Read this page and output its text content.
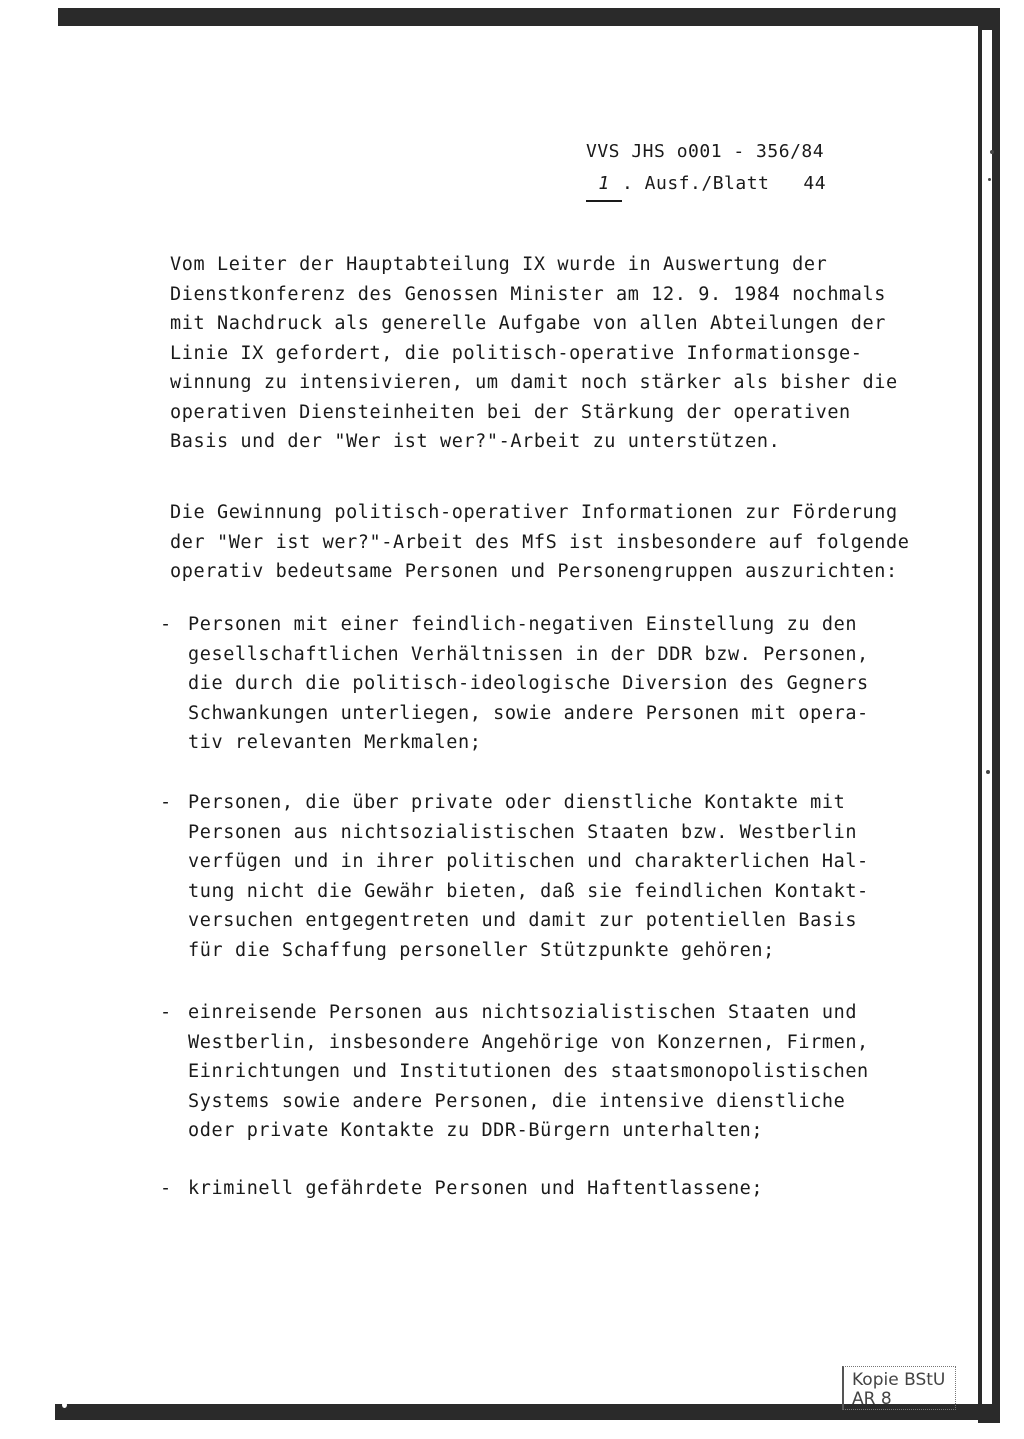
VVS JHS o001 - 356/84
1 . Ausf./Blatt   44
Vom Leiter der Hauptabteilung IX wurde in Auswertung der
Dienstkonferenz des Genossen Minister am 12. 9. 1984 nochmals
mit Nachdruck als generelle Aufgabe von allen Abteilungen der
Linie IX gefordert, die politisch-operative Informationsge-
winnung zu intensivieren, um damit noch stärker als bisher die
operativen Diensteinheiten bei der Stärkung der operativen
Basis und der "Wer ist wer?"-Arbeit zu unterstützen.
Die Gewinnung politisch-operativer Informationen zur Förderung
der "Wer ist wer?"-Arbeit des MfS ist insbesondere auf folgende
operativ bedeutsame Personen und Personengruppen auszurichten:
- Personen mit einer feindlich-negativen Einstellung zu den
gesellschaftlichen Verhältnissen in der DDR bzw. Personen,
die durch die politisch-ideologische Diversion des Gegners
Schwankungen unterliegen, sowie andere Personen mit opera-
tiv relevanten Merkmalen;
- Personen, die über private oder dienstliche Kontakte mit
Personen aus nichtsozialistischen Staaten bzw. Westberlin
verfügen und in ihrer politischen und charakterlichen Hal-
tung nicht die Gewähr bieten, daß sie feindlichen Kontakt-
versuchen entgegentreten und damit zur potentiellen Basis
für die Schaffung personeller Stützpunkte gehören;
- einreisende Personen aus nichtsozialistischen Staaten und
Westberlin, insbesondere Angehörige von Konzernen, Firmen,
Einrichtungen und Institutionen des staatsmonopolistischen
Systems sowie andere Personen, die intensive dienstliche
oder private Kontakte zu DDR-Bürgern unterhalten;
- kriminell gefährdete Personen und Haftentlassene;
Kopie BStU
AR 8
